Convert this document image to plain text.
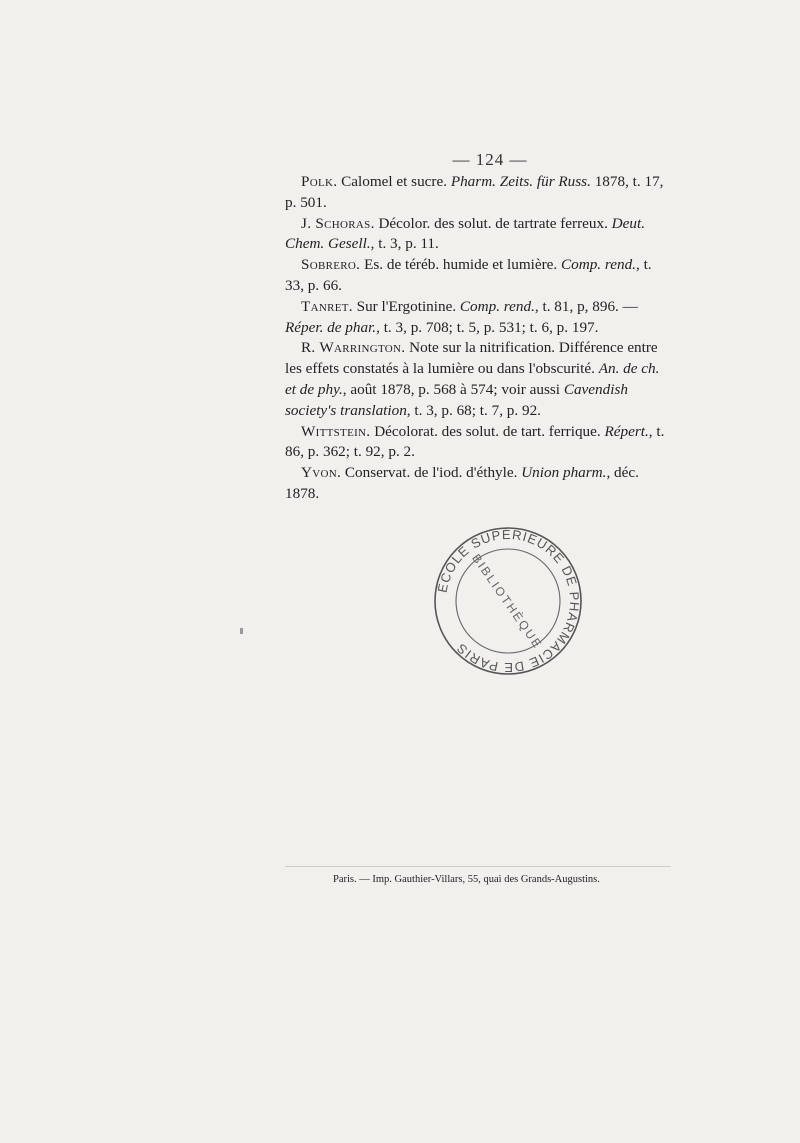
— 124 —

Polk. Calomel et sucre. Pharm. Zeits. für Russ. 1878, t. 17, p. 501.

J. Schoras. Décolor. des solut. de tartrate ferreux. Deut. Chem. Gesell., t. 3, p. 11.

Sobrero. Es. de téréb. humide et lumière. Comp. rend., t. 33, p. 66.

Tanret. Sur l'Ergotinine. Comp. rend., t. 81, p, 896. — Réper. de phar., t. 3, p. 708; t. 5, p. 531; t. 6, p. 197.

R. Warrington. Note sur la nitrification. Différence entre les effets constatés à la lumière ou dans l'obscurité. An. de ch. et de phy., août 1878, p. 568 à 574; voir aussi Cavendish society's translation, t. 3, p. 68; t. 7, p. 92.

Wittstein. Décolorat. des solut. de tart. ferrique. Répert., t. 86, p. 362; t. 92, p. 2.

Yvon. Conservat. de l'iod. d'éthyle. Union pharm., déc. 1878.

ÉCOLE SUPÉRIEURE DE PHARMACIE DE PARIS
BIBLIOTHÈQUE
Paris. — Imp. Gauthier-Villars, 55, quai des Grands-Augustins.
